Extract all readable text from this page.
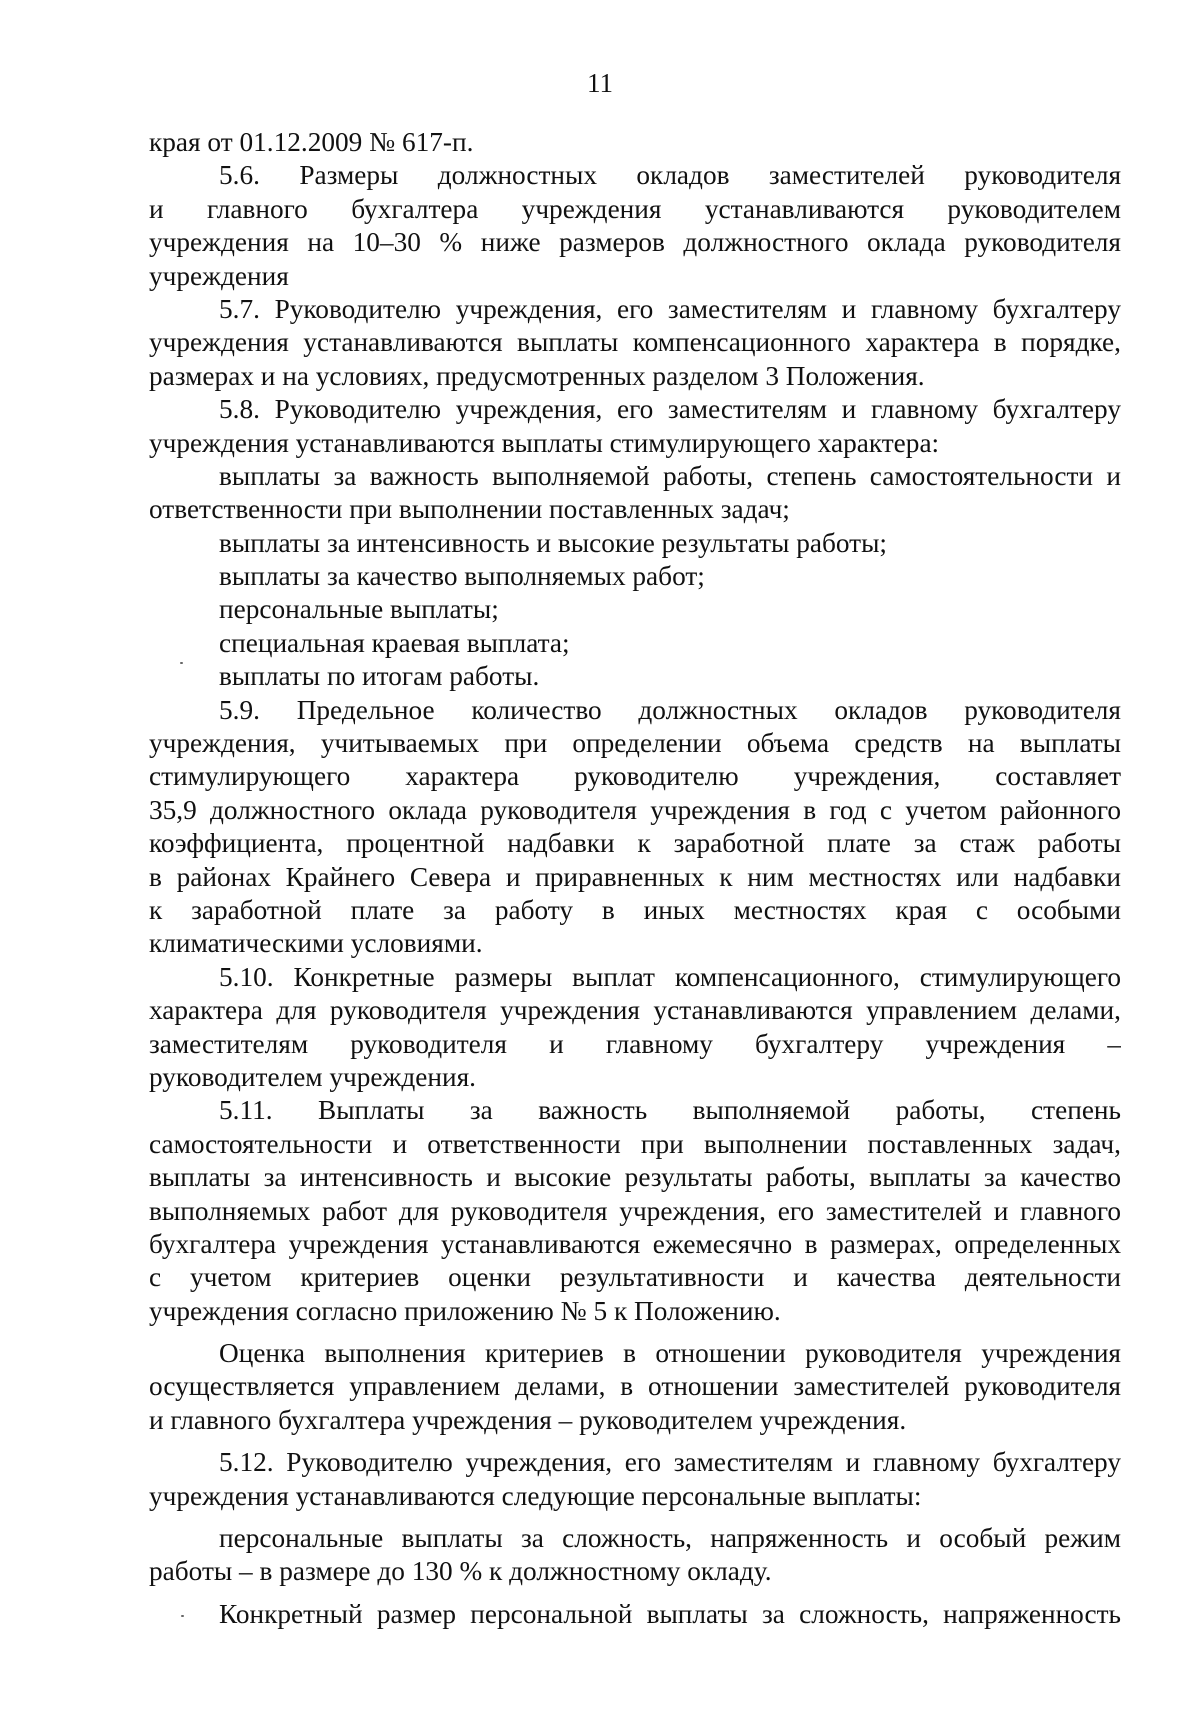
11
края от 01.12.2009 № 617-п.
5.6. Размеры должностных окладов заместителей руководителя
и главного бухгалтера учреждения устанавливаются руководителем
учреждения на 10–30 % ниже размеров должностного оклада руководителя
учреждения
5.7. Руководителю учреждения, его заместителям и главному бухгалтеру
учреждения устанавливаются выплаты компенсационного характера в порядке,
размерах и на условиях, предусмотренных разделом 3 Положения.
5.8. Руководителю учреждения, его заместителям и главному бухгалтеру
учреждения устанавливаются выплаты стимулирующего характера:
выплаты за важность выполняемой работы, степень самостоятельности и
ответственности при выполнении поставленных задач;
выплаты за интенсивность и высокие результаты работы;
выплаты за качество выполняемых работ;
персональные выплаты;
специальная краевая выплата;
выплаты по итогам работы.
5.9. Предельное количество должностных окладов руководителя
учреждения, учитываемых при определении объема средств на выплаты
стимулирующего характера руководителю учреждения, составляет
35,9 должностного оклада руководителя учреждения в год с учетом районного
коэффициента, процентной надбавки к заработной плате за стаж работы
в районах Крайнего Севера и приравненных к ним местностях или надбавки
к заработной плате за работу в иных местностях края с особыми
климатическими условиями.
5.10. Конкретные размеры выплат компенсационного, стимулирующего
характера для руководителя учреждения устанавливаются управлением делами,
заместителям руководителя и главному бухгалтеру учреждения –
руководителем учреждения.
5.11. Выплаты за важность выполняемой работы, степень
самостоятельности и ответственности при выполнении поставленных задач,
выплаты за интенсивность и высокие результаты работы, выплаты за качество
выполняемых работ для руководителя учреждения, его заместителей и главного
бухгалтера учреждения устанавливаются ежемесячно в размерах, определенных
с учетом критериев оценки результативности и качества деятельности
учреждения согласно приложению № 5 к Положению.
Оценка выполнения критериев в отношении руководителя учреждения
осуществляется управлением делами, в отношении заместителей руководителя
и главного бухгалтера учреждения – руководителем учреждения.
5.12. Руководителю учреждения, его заместителям и главному бухгалтеру
учреждения устанавливаются следующие персональные выплаты:
персональные выплаты за сложность, напряженность и особый режим
работы – в размере до 130 % к должностному окладу.
Конкретный размер персональной выплаты за сложность, напряженность
